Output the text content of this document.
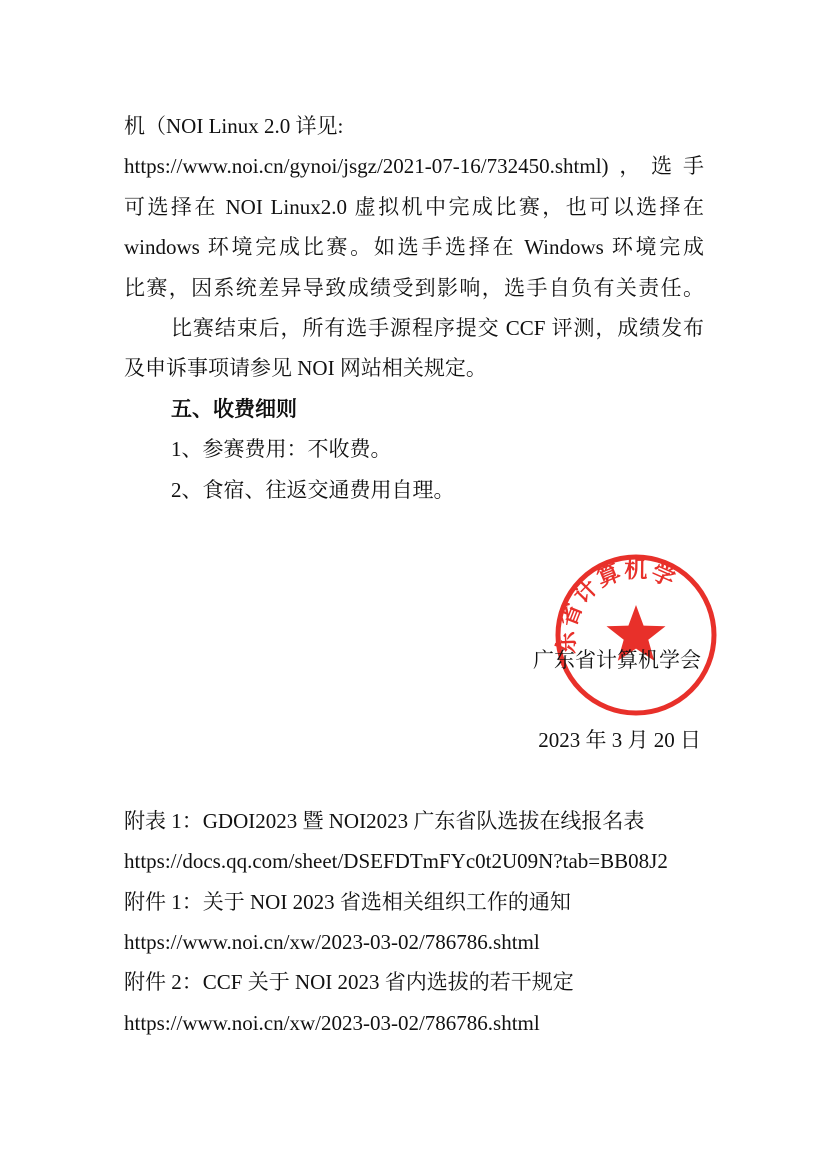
机（NOI Linux 2.0 详见:
https://www.noi.cn/gynoi/jsgz/2021-07-16/732450.shtml)，选手
可选择在 NOI Linux2.0 虚拟机中完成比赛，也可以选择在
windows 环境完成比赛。如选手选择在 Windows 环境完成
比赛，因系统差异导致成绩受到影响，选手自负有关责任。
比赛结束后，所有选手源程序提交 CCF 评测，成绩发布
及申诉事项请参见 NOI 网站相关规定。
五、收费细则
1、参赛费用：不收费。
2、食宿、往返交通费用自理。
东省计算机学
广东省计算机学会
2023 年 3 月 20 日
附表 1：GDOI2023 暨 NOI2023 广东省队选拔在线报名表
https://docs.qq.com/sheet/DSEFDTmFYc0t2U09N?tab=BB08J2
附件 1：关于 NOI 2023 省选相关组织工作的通知
https://www.noi.cn/xw/2023-03-02/786786.shtml
附件 2：CCF 关于 NOI 2023 省内选拔的若干规定
https://www.noi.cn/xw/2023-03-02/786786.shtml
